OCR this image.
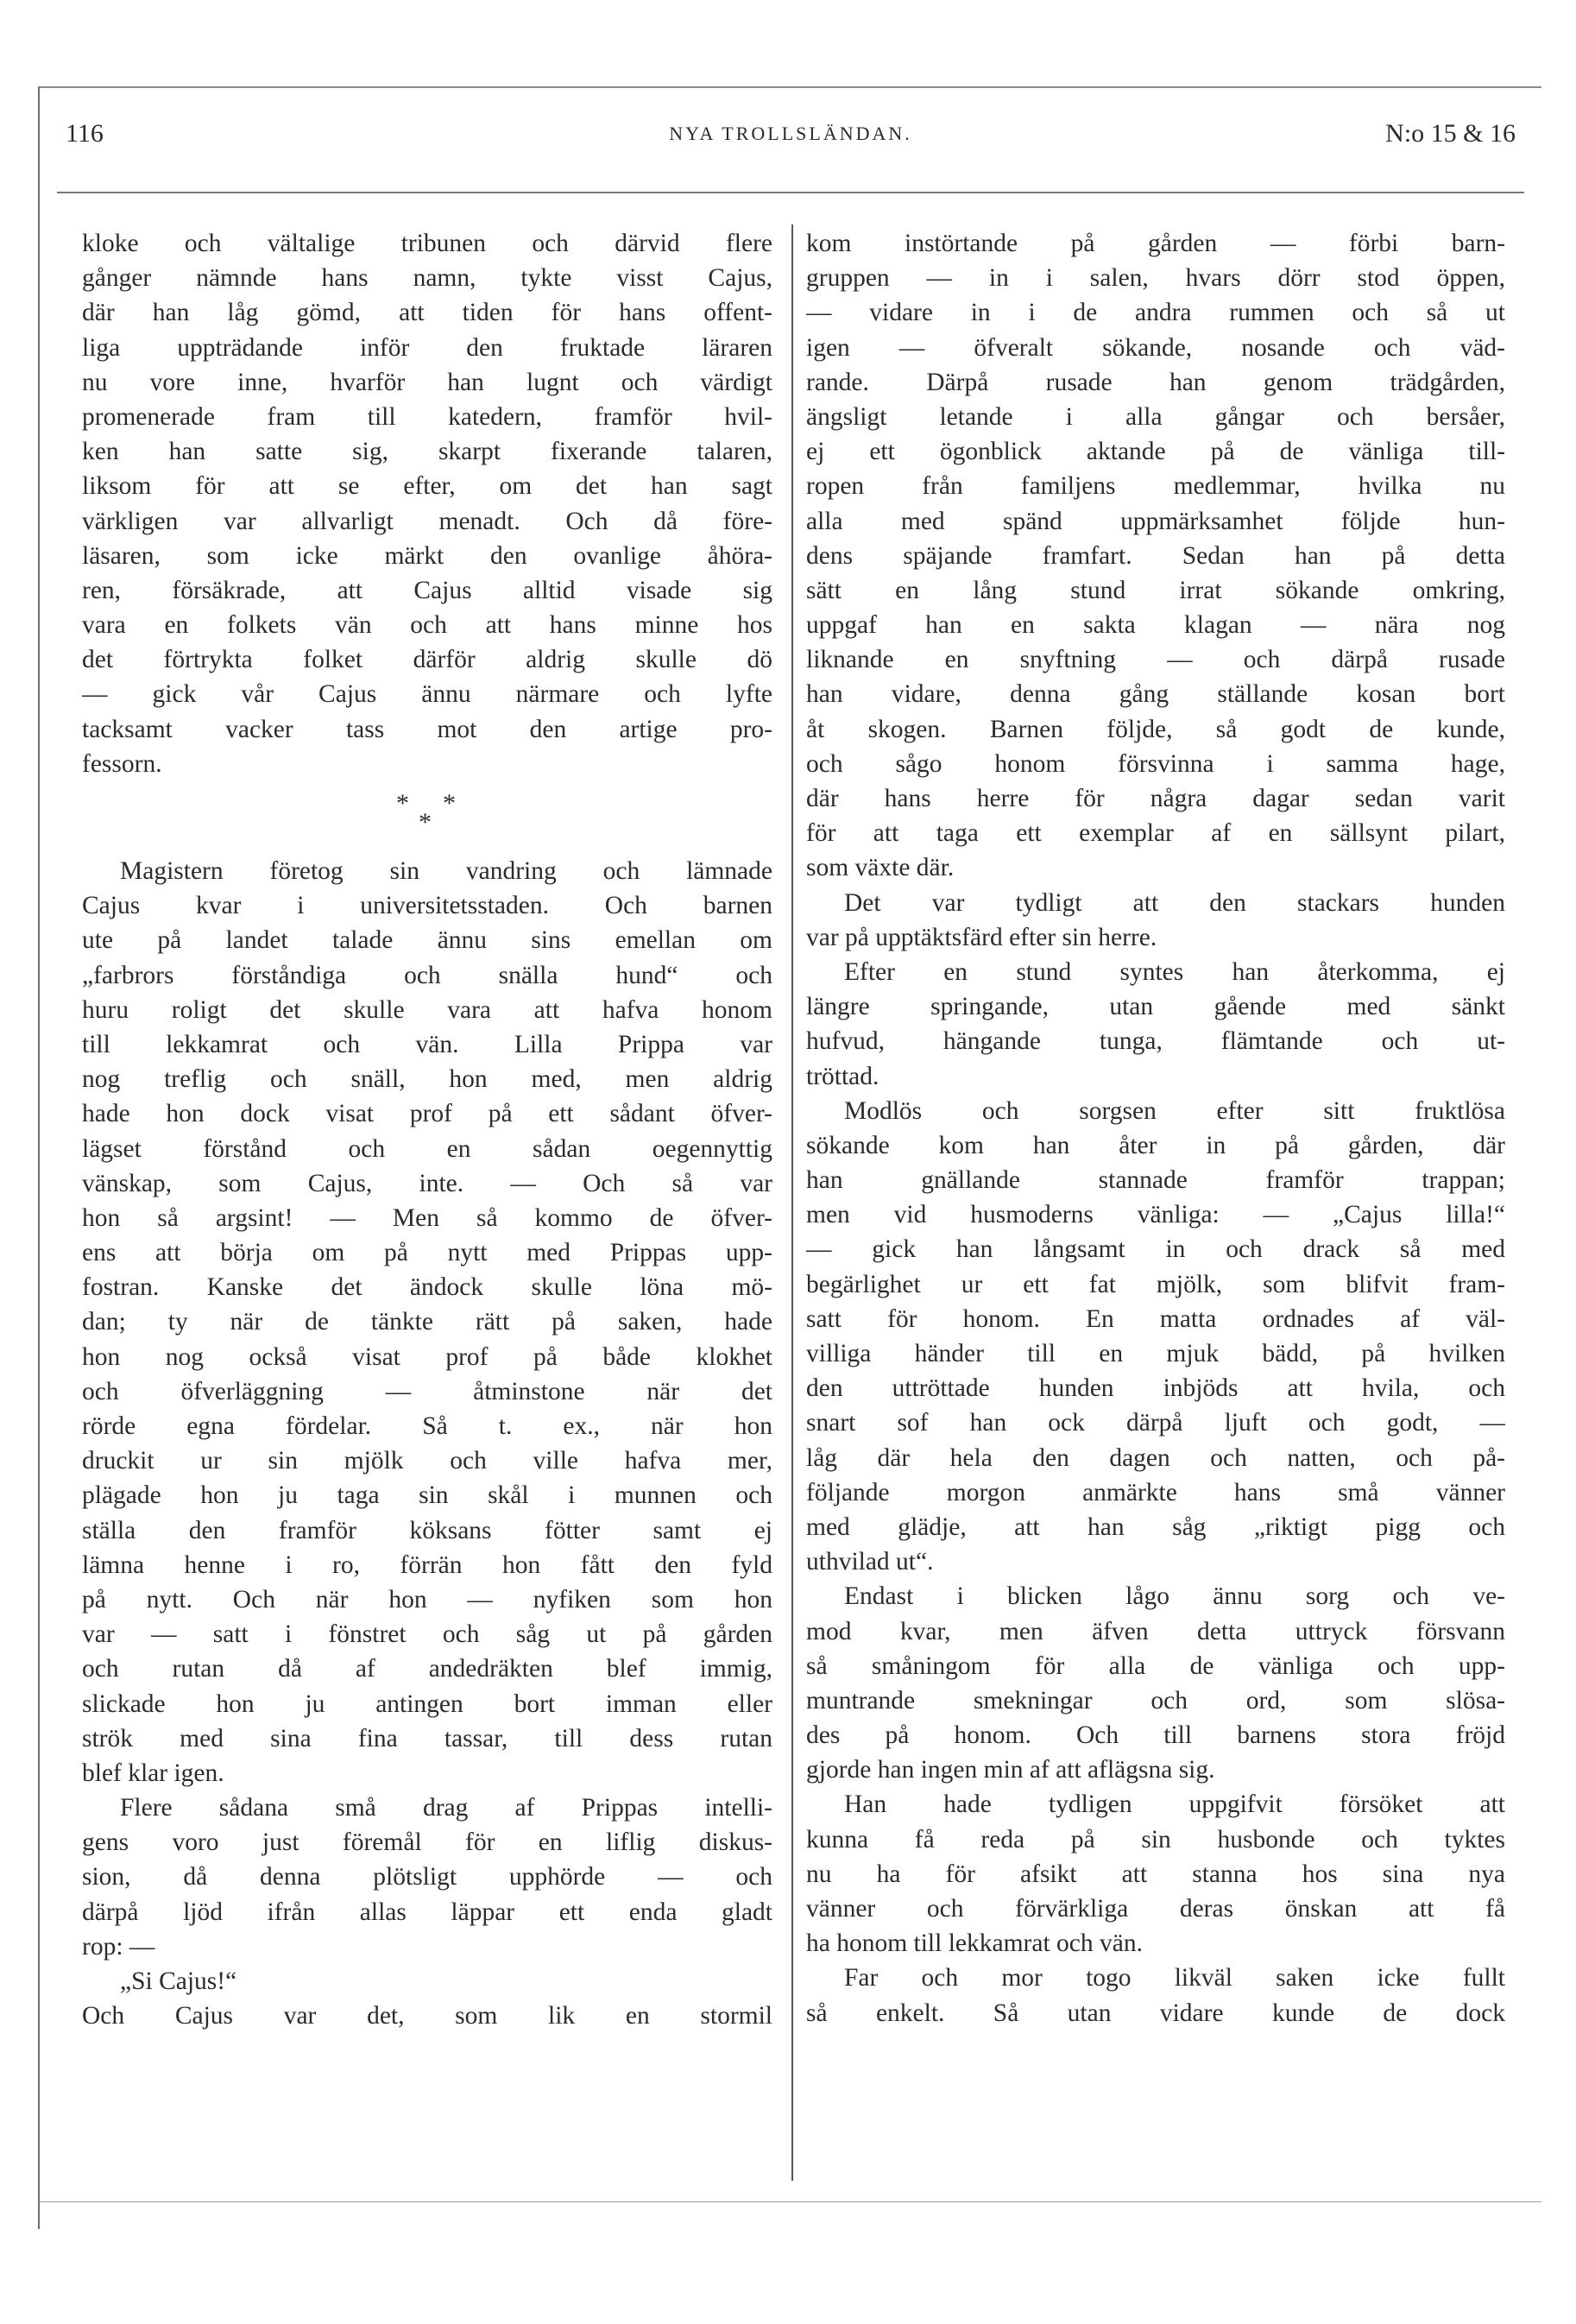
116	NYA TROLLSLÄNDAN.	N:o 15 & 16
kloke och vältalige tribunen och därvid flere
gånger nämnde hans namn, tykte visst Cajus,
där han låg gömd, att tiden för hans offent-
liga uppträdande inför den fruktade läraren
nu vore inne, hvarför han lugnt och värdigt
promenerade fram till katedern, framför hvil-
ken han satte sig, skarpt fixerande talaren,
liksom för att se efter, om det han sagt
värkligen var allvarligt menadt. Och då före-
läsaren, som icke märkt den ovanlige åhöra-
ren, försäkrade, att Cajus alltid visade sig
vara en folkets vän och att hans minne hos
det förtrykta folket därför aldrig skulle dö
— gick vår Cajus ännu närmare och lyfte
tacksamt vacker tass mot den artige pro-
fessorn.
*
*
*
Magistern företog sin vandring och lämnade
Cajus kvar i universitetsstaden. Och barnen
ute på landet talade ännu sins emellan om
„farbrors förståndiga och snälla hund“ och
huru roligt det skulle vara att hafva honom
till lekkamrat och vän. Lilla Prippa var
nog treflig och snäll, hon med, men aldrig
hade hon dock visat prof på ett sådant öfver-
lägset förstånd och en sådan oegennyttig
vänskap, som Cajus, inte. — Och så var
hon så argsint! — Men så kommo de öfver-
ens att börja om på nytt med Prippas upp-
fostran. Kanske det ändock skulle löna mö-
dan; ty när de tänkte rätt på saken, hade
hon nog också visat prof på både klokhet
och öfverläggning — åtminstone när det
rörde egna fördelar. Så t. ex., när hon
druckit ur sin mjölk och ville hafva mer,
plägade hon ju taga sin skål i munnen och
ställa den framför köksans fötter samt ej
lämna henne i ro, förrän hon fått den fyld
på nytt. Och när hon — nyfiken som hon
var — satt i fönstret och såg ut på gården
och rutan då af andedräkten blef immig,
slickade hon ju antingen bort imman eller
strök med sina fina tassar, till dess rutan
blef klar igen.
Flere sådana små drag af Prippas intelli-
gens voro just föremål för en liflig diskus-
sion, då denna plötsligt upphörde — och
därpå ljöd ifrån allas läppar ett enda gladt
rop: —
„Si Cajus!“
Och Cajus var det, som lik en stormil
kom instörtande på gården — förbi barn-
gruppen — in i salen, hvars dörr stod öppen,
— vidare in i de andra rummen och så ut
igen — öfveralt sökande, nosande och väd-
rande. Därpå rusade han genom trädgården,
ängsligt letande i alla gångar och bersåer,
ej ett ögonblick aktande på de vänliga till-
ropen från familjens medlemmar, hvilka nu
alla med spänd uppmärksamhet följde hun-
dens späjande framfart. Sedan han på detta
sätt en lång stund irrat sökande omkring,
uppgaf han en sakta klagan — nära nog
liknande en snyftning — och därpå rusade
han vidare, denna gång ställande kosan bort
åt skogen. Barnen följde, så godt de kunde,
och sågo honom försvinna i samma hage,
där hans herre för några dagar sedan varit
för att taga ett exemplar af en sällsynt pilart,
som växte där.
Det var tydligt att den stackars hunden
var på upptäktsfärd efter sin herre.
Efter en stund syntes han återkomma, ej
längre springande, utan gående med sänkt
hufvud, hängande tunga, flämtande och ut-
tröttad.
Modlös och sorgsen efter sitt fruktlösa
sökande kom han åter in på gården, där
han gnällande stannade framför trappan;
men vid husmoderns vänliga: — „Cajus lilla!“
— gick han långsamt in och drack så med
begärlighet ur ett fat mjölk, som blifvit fram-
satt för honom. En matta ordnades af väl-
villiga händer till en mjuk bädd, på hvilken
den uttröttade hunden inbjöds att hvila, och
snart sof han ock därpå ljuft och godt, —
låg där hela den dagen och natten, och på-
följande morgon anmärkte hans små vänner
med glädje, att han såg „riktigt pigg och
uthvilad ut“.
Endast i blicken lågo ännu sorg och ve-
mod kvar, men äfven detta uttryck försvann
så småningom för alla de vänliga och upp-
muntrande smekningar och ord, som slösa-
des på honom. Och till barnens stora fröjd
gjorde han ingen min af att aflägsna sig.
Han hade tydligen uppgifvit försöket att
kunna få reda på sin husbonde och tyktes
nu ha för afsikt att stanna hos sina nya
vänner och förvärkliga deras önskan att få
ha honom till lekkamrat och vän.
Far och mor togo likväl saken icke fullt
så enkelt. Så utan vidare kunde de dock
